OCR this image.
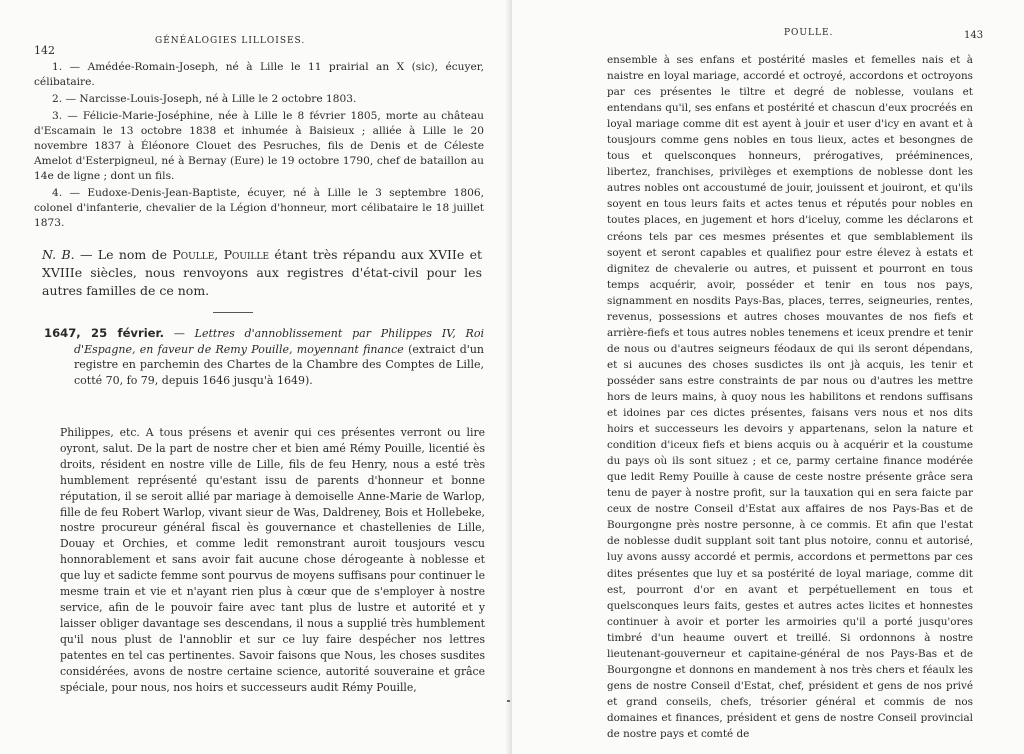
142
GÉNÉALOGIES LILLOISES.

1. — Amédée-Romain-Joseph, né à Lille le 11 prairial an X (sic), écuyer, célibataire.

2. — Narcisse-Louis-Joseph, né à Lille le 2 octobre 1803.

3. — Félicie-Marie-Joséphine, née à Lille le 8 février 1805, morte au château d'Escamain le 13 octobre 1838 et inhumée à Baisieux ; alliée à Lille le 20 novembre 1837 à Éléonore Clouet des Pesruches, fils de Denis et de Céleste Amelot d'Esterpigneul, né à Bernay (Eure) le 19 octobre 1790, chef de bataillon au 14e de ligne ; dont un fils.

4. — Eudoxe-Denis-Jean-Baptiste, écuyer, né à Lille le 3 septembre 1806, colonel d'infanterie, chevalier de la Légion d'honneur, mort célibataire le 18 juillet 1873.

N. B. — Le nom de Poulle, Pouille étant très répandu aux XVIIe et XVIIIe siècles, nous renvoyons aux registres d'état-civil pour les autres familles de ce nom.

1647, 25 février. — Lettres d'annoblissement par Philippes IV, Roi d'Espagne, en faveur de Remy Pouille, moyennant finance (extraict d'un registre en parchemin des Chartes de la Chambre des Comptes de Lille, cotté 70, fo 79, depuis 1646 jusqu'à 1649).

Philippes, etc. A tous présens et avenir qui ces présentes verront ou lire oyront, salut. De la part de nostre cher et bien amé Rémy Pouille, licentié ès droits, résident en nostre ville de Lille, fils de feu Henry, nous a esté très humblement représenté qu'estant issu de parents d'honneur et bonne réputation, il se seroit allié par mariage à demoiselle Anne-Marie de Warlop, fille de feu Robert Warlop, vivant sieur de Was, Daldreney, Bois et Hollebeke, nostre procureur général fiscal ès gouvernance et chastellenies de Lille, Douay et Orchies, et comme ledit remonstrant auroit tousjours vescu honnorablement et sans avoir fait aucune chose dérogeante à noblesse et que luy et sadicte femme sont pourvus de moyens suffisans pour continuer le mesme train et vie et n'ayant rien plus à cœur que de s'employer à nostre service, afin de le pouvoir faire avec tant plus de lustre et autorité et y laisser obliger davantage ses descendans, il nous a supplié très humblement qu'il nous plust de l'annoblir et sur ce luy faire despécher nos lettres patentes en tel cas pertinentes. Savoir faisons que Nous, les choses susdites considérées, avons de nostre certaine science, autorité souveraine et grâce spéciale, pour nous, nos hoirs et successeurs audit Rémy Pouille,

POULLE.	143

ensemble à ses enfans et postérité masles et femelles nais et à naistre en loyal mariage, accordé et octroyé, accordons et octroyons par ces présentes le tiltre et degré de noblesse, voulans et entendans qu'il, ses enfans et postérité et chascun d'eux procréés en loyal mariage comme dit est ayent à jouir et user d'icy en avant et à tousjours comme gens nobles en tous lieux, actes et besongnes de tous et quelsconques honneurs, prérogatives, prééminences, libertez, franchises, privilèges et exemptions de noblesse dont les autres nobles ont accoustumé de jouir, jouissent et jouiront, et qu'ils soyent en tous leurs faits et actes tenus et réputés pour nobles en toutes places, en jugement et hors d'iceluy, comme les déclarons et créons tels par ces mesmes présentes et que semblablement ils soyent et seront capables et qualifiez pour estre élevez à estats et dignitez de chevalerie ou autres, et puissent et pourront en tous temps acquérir, avoir, posséder et tenir en tous nos pays, signamment en nosdits Pays-Bas, places, terres, seigneuries, rentes, revenus, possessions et autres choses mouvantes de nos fiefs et arrière-fiefs et tous autres nobles tenemens et iceux prendre et tenir de nous ou d'autres seigneurs féodaux de qui ils seront dépendans, et si aucunes des choses susdictes ils ont jà acquis, les tenir et posséder sans estre constraints de par nous ou d'autres les mettre hors de leurs mains, à quoy nous les habilitons et rendons suffisans et idoines par ces dictes présentes, faisans vers nous et nos dits hoirs et successeurs les devoirs y appartenans, selon la nature et condition d'iceux fiefs et biens acquis ou à acquérir et la coustume du pays où ils sont situez ; et ce, parmy certaine finance modérée que ledit Remy Pouille à cause de ceste nostre présente grâce sera tenu de payer à nostre profit, sur la tauxation qui en sera faicte par ceux de nostre Conseil d'Estat aux affaires de nos Pays-Bas et de Bourgongne près nostre personne, à ce commis. Et afin que l'estat de noblesse dudit supplant soit tant plus notoire, connu et autorisé, luy avons aussy accordé et permis, accordons et permettons par ces dites présentes que luy et sa postérité de loyal mariage, comme dit est, pourront d'or en avant et perpétuellement en tous et quelsconques leurs faits, gestes et autres actes licites et honnestes continuer à avoir et porter les armoiries qu'il a porté jusqu'ores timbré d'un heaume ouvert et treillé. Si ordonnons à nostre lieutenant-gouverneur et capitaine-général de nos Pays-Bas et de Bourgongne et donnons en mandement à nos très chers et féaulx les gens de nostre Conseil d'Estat, chef, président et gens de nos privé et grand conseils, chefs, trésorier général et commis de nos domaines et finances, président et gens de nostre Conseil provincial de nostre pays et comté de
